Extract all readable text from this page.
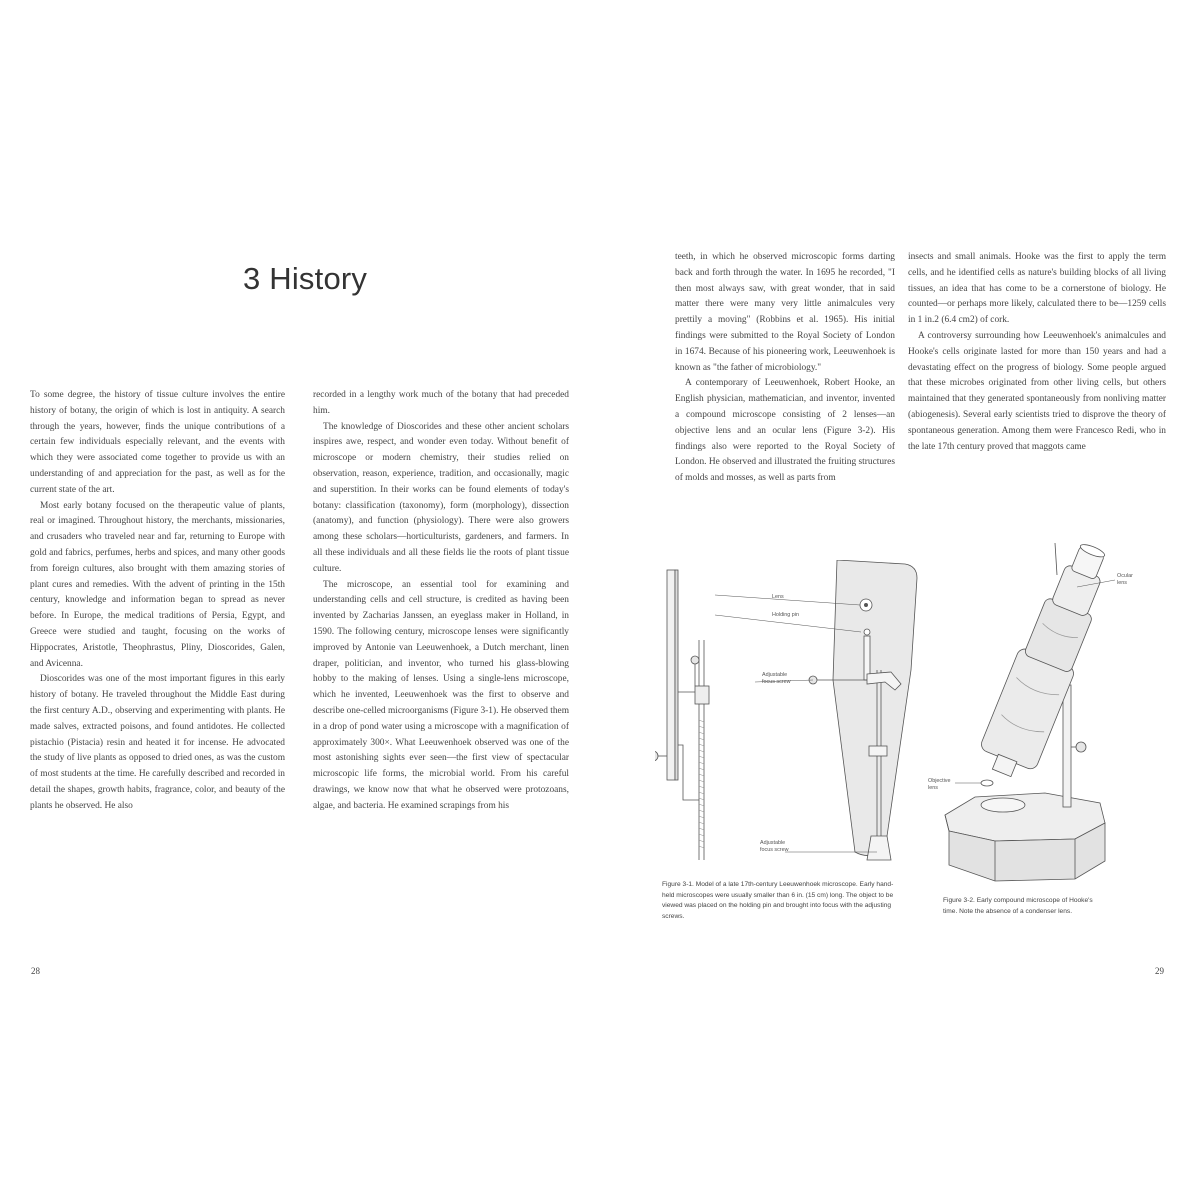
3 History

To some degree, the history of tissue culture involves the entire history of botany, the origin of which is lost in antiquity. A search through the years, however, finds the unique contributions of a certain few individuals especially relevant, and the events with which they were associated come together to provide us with an understanding of and appreciation for the past, as well as for the current state of the art.

Most early botany focused on the therapeutic value of plants, real or imagined. Throughout history, the merchants, missionaries, and crusaders who traveled near and far, returning to Europe with gold and fabrics, perfumes, herbs and spices, and many other goods from foreign cultures, also brought with them amazing stories of plant cures and remedies. With the advent of printing in the 15th century, knowledge and information began to spread as never before. In Europe, the medical traditions of Persia, Egypt, and Greece were studied and taught, focusing on the works of Hippocrates, Aristotle, Theophrastus, Pliny, Dioscorides, Galen, and Avicenna.

Dioscorides was one of the most important figures in this early history of botany. He traveled throughout the Middle East during the first century A.D., observing and experimenting with plants. He made salves, extracted poisons, and found antidotes. He collected pistachio (Pistacia) resin and heated it for incense. He advocated the study of live plants as opposed to dried ones, as was the custom of most students at the time. He carefully described and recorded in detail the shapes, growth habits, fragrance, color, and beauty of the plants he observed. He also

recorded in a lengthy work much of the botany that had preceded him.

The knowledge of Dioscorides and these other ancient scholars inspires awe, respect, and wonder even today. Without benefit of microscope or modern chemistry, their studies relied on observation, reason, experience, tradition, and occasionally, magic and superstition. In their works can be found elements of today's botany: classification (taxonomy), form (morphology), dissection (anatomy), and function (physiology). There were also growers among these scholars—horticulturists, gardeners, and farmers. In all these individuals and all these fields lie the roots of plant tissue culture.

The microscope, an essential tool for examining and understanding cells and cell structure, is credited as having been invented by Zacharias Janssen, an eyeglass maker in Holland, in 1590. The following century, microscope lenses were significantly improved by Antonie van Leeuwenhoek, a Dutch merchant, linen draper, politician, and inventor, who turned his glass-blowing hobby to the making of lenses. Using a single-lens microscope, which he invented, Leeuwenhoek was the first to observe and describe one-celled microorganisms (Figure 3-1). He observed them in a drop of pond water using a microscope with a magnification of approximately 300×. What Leeuwenhoek observed was one of the most astonishing sights ever seen—the first view of spectacular microscopic life forms, the microbial world. From his careful drawings, we know now that what he observed were protozoans, algae, and bacteria. He examined scrapings from his

teeth, in which he observed microscopic forms darting back and forth through the water. In 1695 he recorded, "I then most always saw, with great wonder, that in said matter there were many very little animalcules very prettily a moving" (Robbins et al. 1965). His initial findings were submitted to the Royal Society of London in 1674. Because of his pioneering work, Leeuwenhoek is known as "the father of microbiology."

A contemporary of Leeuwenhoek, Robert Hooke, an English physician, mathematician, and inventor, invented a compound microscope consisting of 2 lenses—an objective lens and an ocular lens (Figure 3-2). His findings also were reported to the Royal Society of London. He observed and illustrated the fruiting structures of molds and mosses, as well as parts from

insects and small animals. Hooke was the first to apply the term cells, and he identified cells as nature's building blocks of all living tissues, an idea that has come to be a cornerstone of biology. He counted—or perhaps more likely, calculated there to be—1259 cells in 1 in.2 (6.4 cm2) of cork.

A controversy surrounding how Leeuwenhoek's animalcules and Hooke's cells originate lasted for more than 150 years and had a devastating effect on the progress of biology. Some people argued that these microbes originated from other living cells, but others maintained that they generated spontaneously from nonliving matter (abiogenesis). Several early scientists tried to disprove the theory of spontaneous generation. Among them were Francesco Redi, who in the late 17th century proved that maggots came

Lens
Holding pin
Adjustable
focus screw
Adjustable
focus screw
Ocular
lens
Objective
lens
Figure 3-1. Model of a late 17th-century Leeuwenhoek microscope. Early hand-held microscopes were usually smaller than 6 in. (15 cm) long. The object to be viewed was placed on the holding pin and brought into focus with the adjusting screws.
Figure 3-2. Early compound microscope of Hooke's time. Note the absence of a condenser lens.
28	29
